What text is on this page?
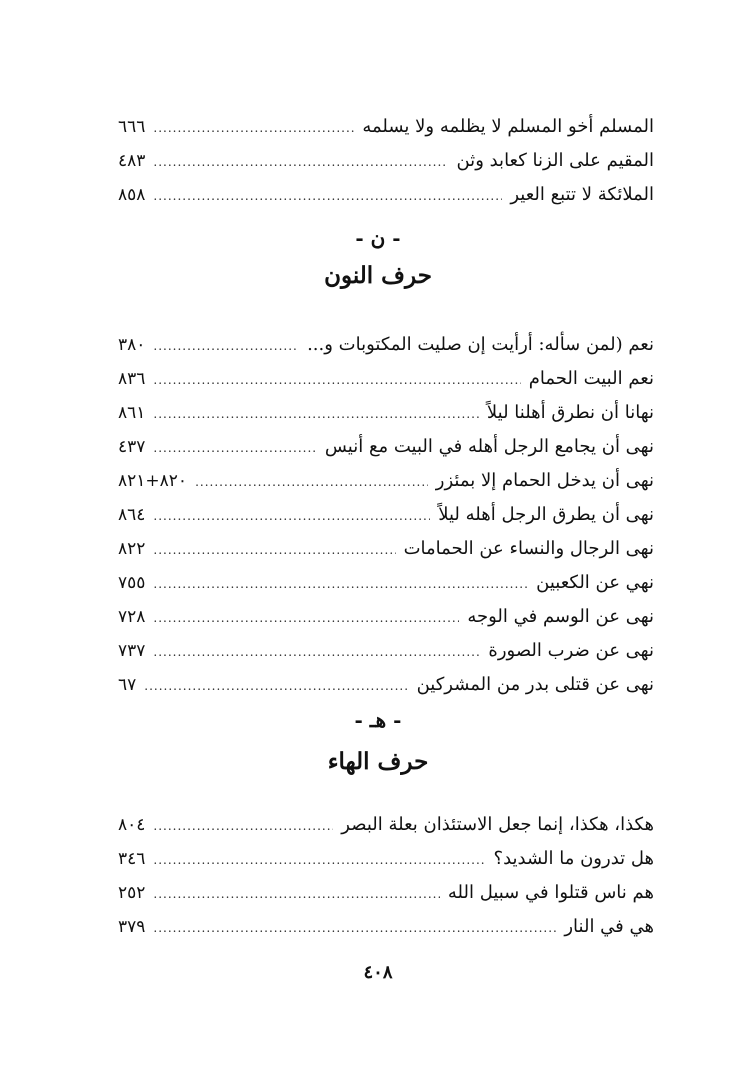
المسلم أخو المسلم لا يظلمه ولا يسلمه
.....
٦٦٦
المقيم على الزنا كعابد وثن
.....
٤٨٣
الملائكة لا تتبع العير
.....
٨٥٨
- ن -
حرف النون
نعم (لمن سأله: أرأيت إن صليت المكتوبات و...
.....
٣٨٠
نعم البيت الحمام
.....
٨٣٦
نهانا أن نطرق أهلنا ليلاً
.....
٨٦١
نهى أن يجامع الرجل أهله في البيت مع أنيس
.....
٤٣٧
نهى أن يدخل الحمام إلا بمئزر
.....
٨٢٠+٨٢١
نهى أن يطرق الرجل أهله ليلاً
.....
٨٦٤
نهى الرجال والنساء عن الحمامات
.....
٨٢٢
نهي عن الكعبين
.....
٧٥٥
نهى عن الوسم في الوجه
.....
٧٢٨
نهى عن ضرب الصورة
.....
٧٣٧
نهى عن قتلى بدر من المشركين
.....
٦٧
- هـ -
حرف الهاء
هكذا، هكذا، إنما جعل الاستئذان بعلة البصر
.....
٨٠٤
هل تدرون ما الشديد؟
.....
٣٤٦
هم ناس قتلوا في سبيل الله
.....
٢٥٢
هي في النار
.....
٣٧٩
٤٠٨
